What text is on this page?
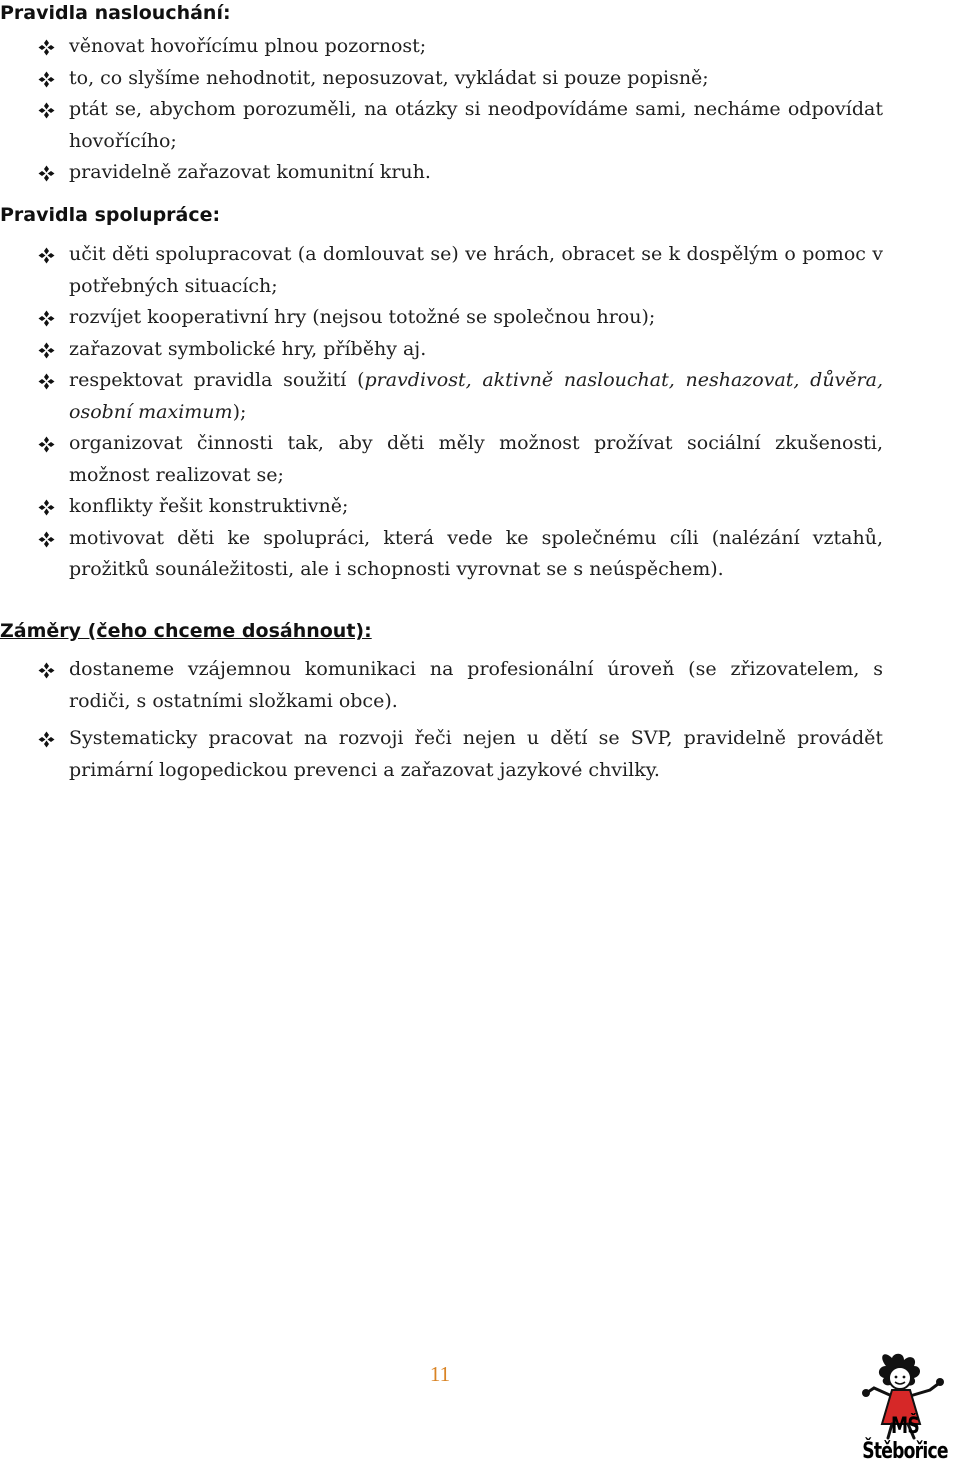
Pravidla naslouchání:
věnovat hovořícímu plnou pozornost;
to, co slyšíme nehodnotit, neposuzovat, vykládat si pouze popisně;
ptát se, abychom porozuměli, na otázky si neodpovídáme sami, necháme odpovídat hovořícího;
pravidelně zařazovat komunitní kruh.
Pravidla spolupráce:
učit děti spolupracovat (a domlouvat se) ve hrách, obracet se k dospělým o pomoc v potřebných situacích;
rozvíjet kooperativní hry (nejsou totožné se společnou hrou);
zařazovat symbolické hry, příběhy aj.
respektovat pravidla soužití (pravdivost, aktivně naslouchat, neshazovat, důvěra, osobní maximum);
organizovat činnosti tak, aby děti měly možnost prožívat sociální zkušenosti, možnost realizovat se;
konflikty řešit konstruktivně;
motivovat děti ke spolupráci, která vede ke společnému cíli (nalézání vztahů, prožitků sounáležitosti, ale i schopnosti vyrovnat se s neúspěchem).
Záměry (čeho chceme dosáhnout):
dostaneme vzájemnou komunikaci na profesionální úroveň (se zřizovatelem, s rodiči, s ostatními složkami obce).
Systematicky pracovat na rozvoji řeči nejen u dětí se SVP, pravidelně provádět primární logopedickou prevenci a zařazovat jazykové chvilky.
11
MŠ Štěbořice
